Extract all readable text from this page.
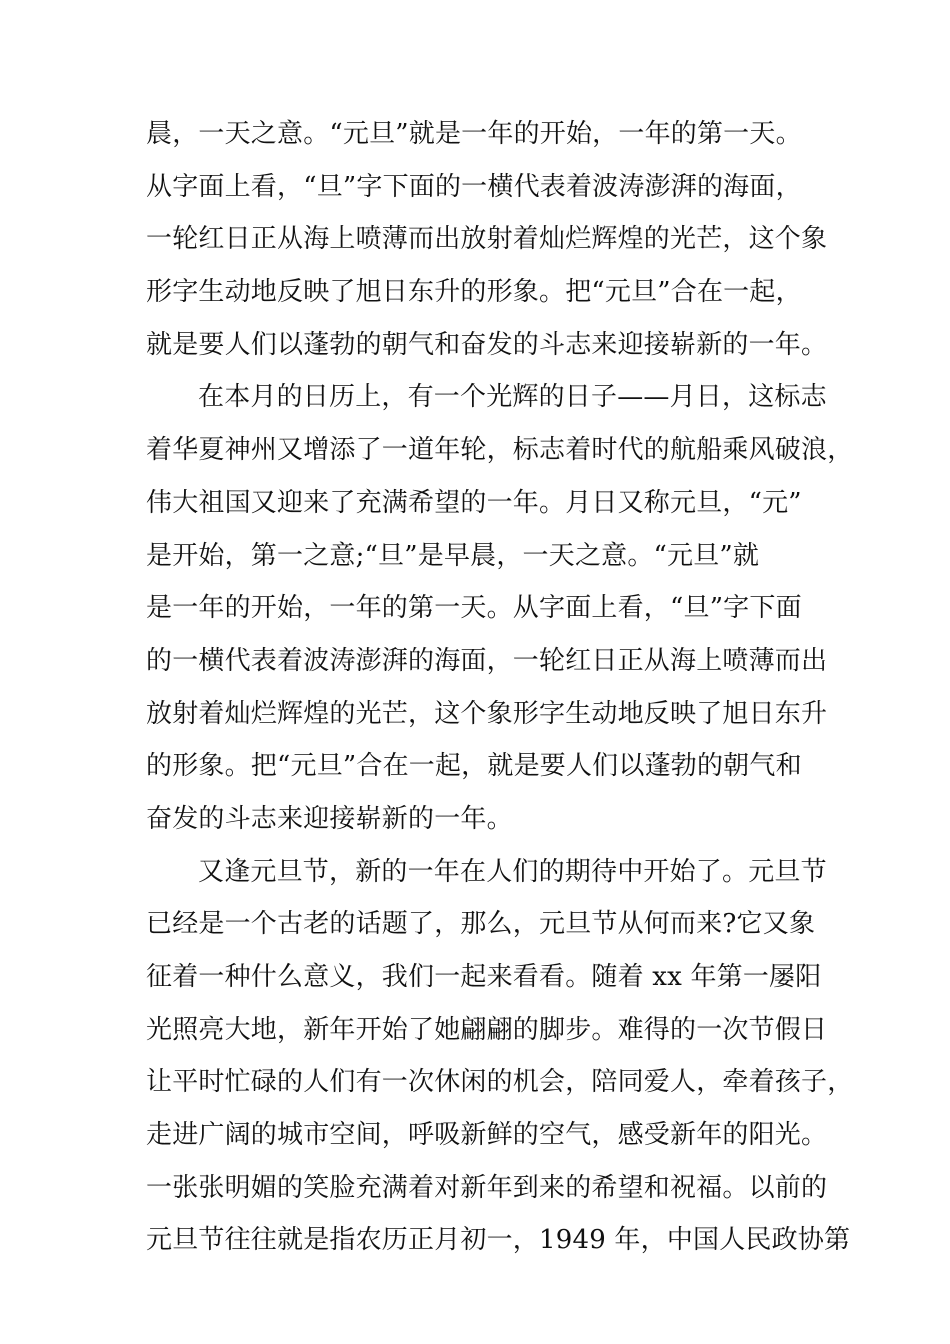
晨，一天之意。“元旦”就是一年的开始，一年的第一天。
从字面上看，“旦”字下面的一横代表着波涛澎湃的海面，
一轮红日正从海上喷薄而出放射着灿烂辉煌的光芒，这个象
形字生动地反映了旭日东升的形象。把“元旦”合在一起，
就是要人们以蓬勃的朝气和奋发的斗志来迎接崭新的一年。
在本月的日历上，有一个光辉的日子——月日，这标志
着华夏神州又增添了一道年轮，标志着时代的航船乘风破浪，
伟大祖国又迎来了充满希望的一年。月日又称元旦，“元”
是开始，第一之意;“旦”是早晨，一天之意。“元旦”就
是一年的开始，一年的第一天。从字面上看，“旦”字下面
的一横代表着波涛澎湃的海面，一轮红日正从海上喷薄而出
放射着灿烂辉煌的光芒，这个象形字生动地反映了旭日东升
的形象。把“元旦”合在一起，就是要人们以蓬勃的朝气和
奋发的斗志来迎接崭新的一年。
又逢元旦节，新的一年在人们的期待中开始了。元旦节
已经是一个古老的话题了，那么，元旦节从何而来?它又象
征着一种什么意义，我们一起来看看。随着 xx 年第一屡阳
光照亮大地，新年开始了她翩翩的脚步。难得的一次节假日
让平时忙碌的人们有一次休闲的机会，陪同爱人，牵着孩子，
走进广阔的城市空间，呼吸新鲜的空气，感受新年的阳光。
一张张明媚的笑脸充满着对新年到来的希望和祝福。以前的
元旦节往往就是指农历正月初一，1949 年，中国人民政协第
